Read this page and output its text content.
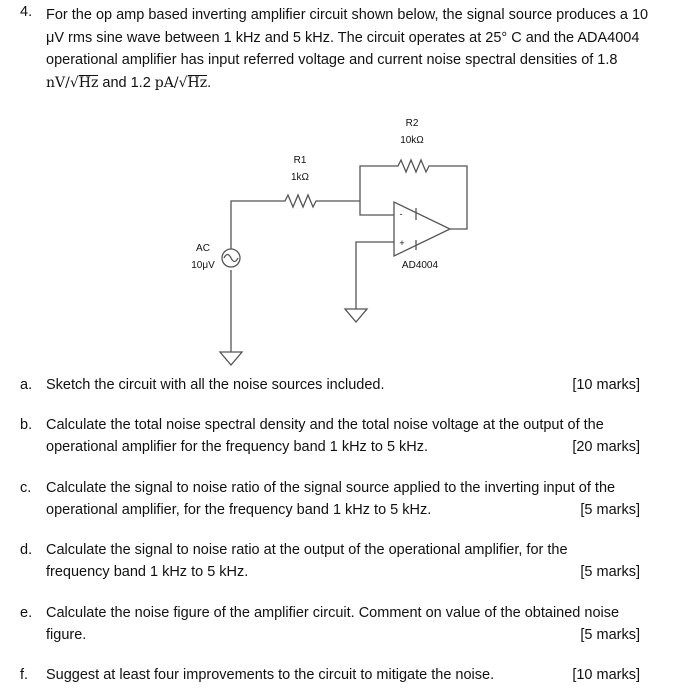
4. For the op amp based inverting amplifier circuit shown below, the signal source produces a 10
μV rms sine wave between 1 kHz and 5 kHz. The circuit operates at 25° C and the ADA4004
operational amplifier has input referred voltage and current noise spectral densities of 1.8
nV/√Hz and 1.2 pA/√Hz.
R1
1kΩ
R2
10kΩ
AC
10μV	AD4004
-
+
a. Sketch the circuit with all the noise sources included.	[10 marks]
b. Calculate the total noise spectral density and the total noise voltage at the output of the
operational amplifier for the frequency band 1 kHz to 5 kHz.	[20 marks]
c. Calculate the signal to noise ratio of the signal source applied to the inverting input of the
operational amplifier, for the frequency band 1 kHz to 5 kHz.	[5 marks]
d. Calculate the signal to noise ratio at the output of the operational amplifier, for the
frequency band 1 kHz to 5 kHz.	[5 marks]
e. Calculate the noise figure of the amplifier circuit. Comment on value of the obtained noise
figure.	[5 marks]
f. Suggest at least four improvements to the circuit to mitigate the noise.	[10 marks]
